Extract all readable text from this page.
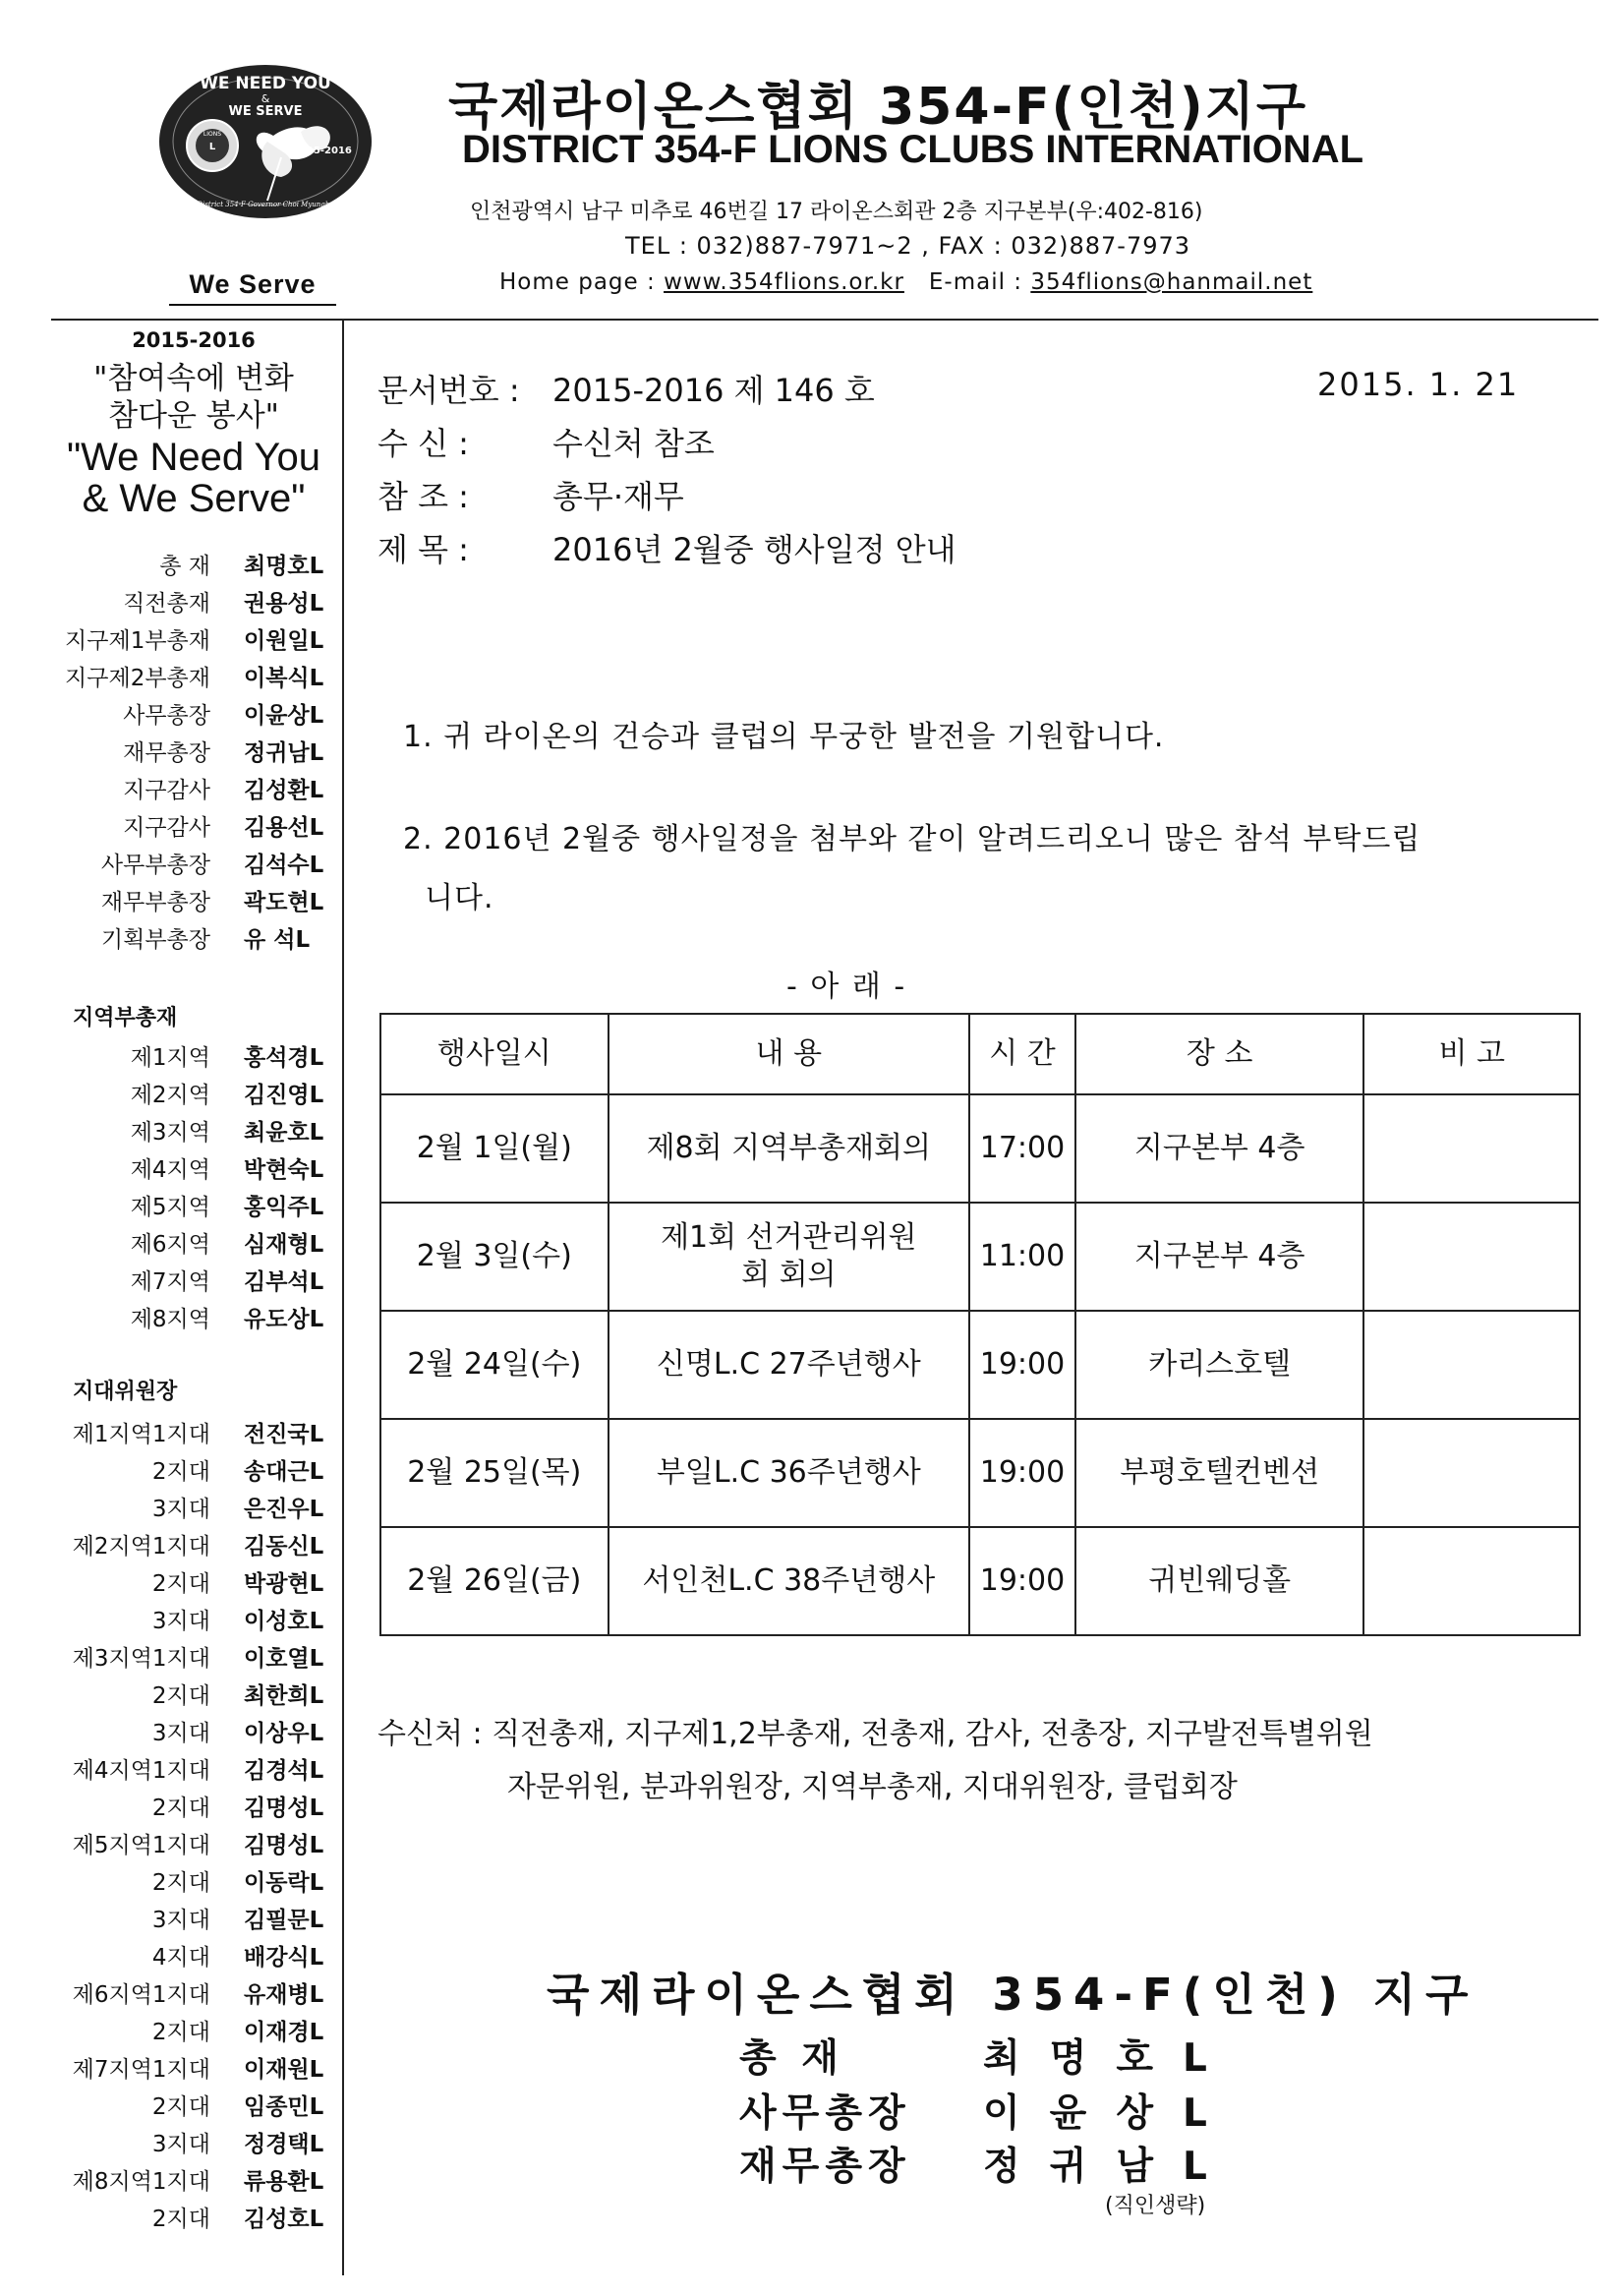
L
WE NEED YOU
&
WE SERVE
2015-2016
District 354-F Governor Choi Myungho
LIONS
We Serve
국제라이온스협회 354-F(인천)지구
DISTRICT 354-F LIONS CLUBS INTERNATIONAL
인천광역시 남구 미추로 46번길 17 라이온스회관 2층 지구본부(우:402-816)
TEL : 032)887-7971~2 , FAX : 032)887-7973
Home page : www.354flions.or.kr E-mail : 354flions@hanmail.net
2015-2016
"참여속에 변화
참다운 봉사"
"We Need You
& We Serve"
총 재 최명호L
직전총재 권용성L
지구제1부총재 이원일L
지구제2부총재 이복식L
사무총장 이윤상L
재무총장 정귀남L
지구감사 김성환L
지구감사 김용선L
사무부총장 김석수L
재무부총장 곽도현L
기획부총장 유 석L
지역부총재
제1지역 홍석경L
제2지역 김진영L
제3지역 최윤호L
제4지역 박현숙L
제5지역 홍익주L
제6지역 심재형L
제7지역 김부석L
제8지역 유도상L
지대위원장
제1지역1지대 전진국L
2지대 송대근L
3지대 은진우L
제2지역1지대 김동신L
2지대 박광현L
3지대 이성호L
제3지역1지대 이호열L
2지대 최한희L
3지대 이상우L
제4지역1지대 김경석L
2지대 김명성L
제5지역1지대 김명성L
2지대 이동락L
3지대 김필문L
4지대 배강식L
제6지역1지대 유재병L
2지대 이재경L
제7지역1지대 이재원L
2지대 임종민L
3지대 정경택L
제8지역1지대 류용환L
2지대 김성호L
문서번호 : 2015-2016 제 146 호	2015. 1. 21
수 신 :	수신처 참조
참 조 :	총무·재무
제 목 :	2016년 2월중 행사일정 안내
1. 귀 라이온의 건승과 클럽의 무궁한 발전을 기원합니다.
2. 2016년 2월중 행사일정을 첨부와 같이 알려드리오니 많은 참석 부탁드립
니다.
- 아 래 -
행사일시	내 용	시 간	장 소	비 고
2월 1일(월)	제8회 지역부총재회의	17:00	지구본부 4층	
2월 3일(수)	제1회 선거관리위원회 회의	11:00	지구본부 4층	
2월 24일(수)	신명L.C 27주년행사	19:00	카리스호텔	
2월 25일(목)	부일L.C 36주년행사	19:00	부평호텔컨벤션	
2월 26일(금)	서인천L.C 38주년행사	19:00	귀빈웨딩홀	
수신처 : 직전총재, 지구제1,2부총재, 전총재, 감사, 전총장, 지구발전특별위원
자문위원, 분과위원장, 지역부총재, 지대위원장, 클럽회장
국제라이온스협회 354-F(인천) 지구
총 재	최명호L
사무총장 이윤상L
재무총장 정귀남L
(직인생략)
